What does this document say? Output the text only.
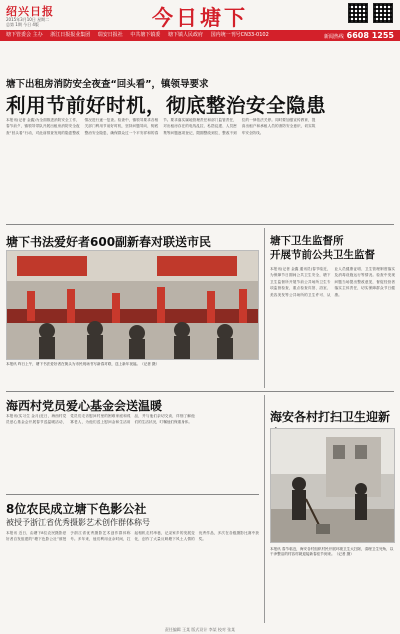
绍兴日报
2015年3月10日 星期二
总第 1期 今日 4版	今日塘下
塘下管委会 主办 浙江日报报业集团 瑞安日报社 中共塘下镇委 塘下镇人民政府 国内统一刊号CN33-0102	新闻热线 6608 1255
塘下出租房消防安全夜查“回头看”，镇领导要求
利用节前好时机，彻底整治安全隐患
本报讯(记者 金鑫)为全面推进消防安全工作，春节前夕，镇领导带队开展出租房消防安全夜查“回头看”行动，对此前排查发现的隐患整改情况进行逐一复查。检查中，镇领导要求各相关部门利用节前好时机，坚持问题导向，彻底整治安全隐患，确保群众过一个平安祥和的春节。要求落实属地管理责任和部门监管责任，对出租房存在的电线乱拉、私搭乱建、人员密集等问题逐项登记，限期整改到位，整改不到位的一律依法关停。同时要加强宣传教育，提高出租户和承租人员的消防安全意识，切实筑牢安全防线。
塘下书法爱好者600副新春对联送市民
本报讯 昨日上午，塘下书法爱好者在街头为市民现场书写新春对联，送上新年祝福。（记者 摄）
塘下卫生监督所
开展节前公共卫生监督
本报讯(记者 金鑫 通讯员)春节临近，为保障节日期间公共卫生安全，塘下卫生监督所开展节前公共场所卫生专项监督检查，重点检查宾馆、浴室、美容美发等公共场所的卫生许可、从业人员健康证明、卫生管理制度落实及消毒设施运行等情况。检查中发现问题当场提出整改意见，督促经营者落实主体责任，切实保障群众节日健康。
海西村党员爱心基金会送温暖
本报讯(实习生 金月)近日，海西村党员爱心基金会开展春节送温暖活动，党员们走访慰问村里的困难家庭和孤寡老人，为他们送上慰问金和生活用品，并与他们亲切交谈，详细了解他们的生活状况，叮嘱他们保重身体。
8位农民成立塘下色影公社
被授予浙江省优秀摄影艺术创作群体称号
本报讯 近日，由塘下8位农民摄影爱好者自发组建的“塘下色影公社”被授予浙江省优秀摄影艺术创作群体称号。多年来，他们利用业余时间，扛起相机走村串巷，记录家乡的发展变化，创作了大量反映塘下风土人情的优秀作品，多次在各级摄影比赛中获奖。
海安各村打扫卫生迎新
本报讯 春节临近，海安各村组织村民开展环境卫生大扫除，清理卫生死角，以干净整洁的村容村貌迎接新春佳节到来。（记者 摄）
责任编辑 王某 版式设计 李某 校对 张某
